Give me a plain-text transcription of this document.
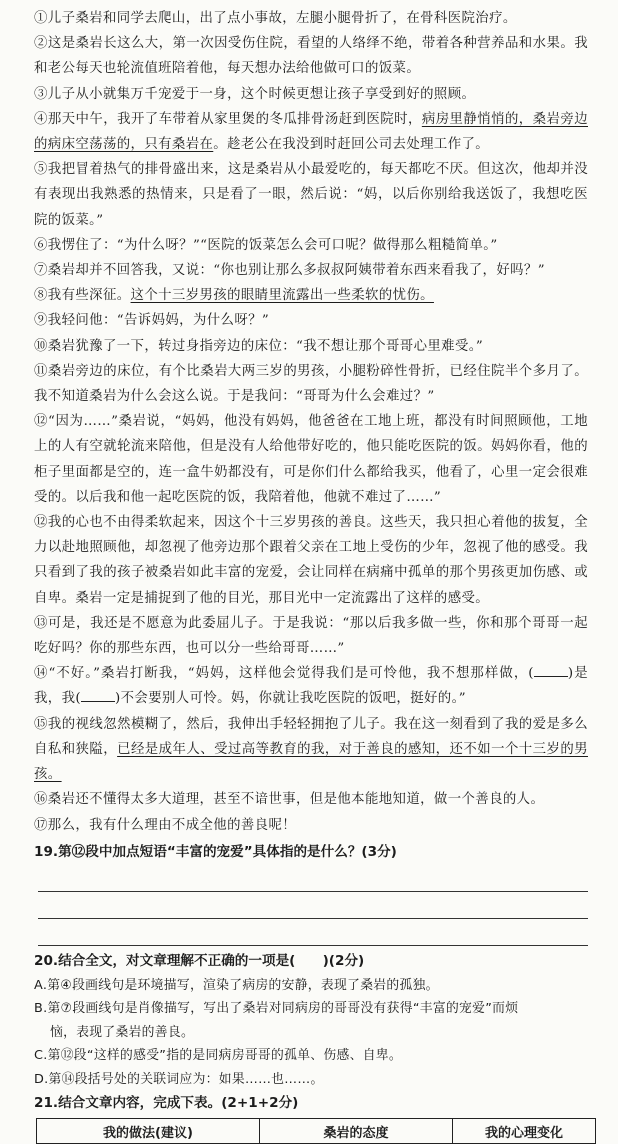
①儿子桑岩和同学去爬山，出了点小事故，左腿小腿骨折了，在骨科医院治疗。

②这是桑岩长这么大，第一次因受伤住院，看望的人络绎不绝，带着各种营养品和水果。我和老公每天也轮流值班陪着他，每天想办法给他做可口的饭菜。

③儿子从小就集万千宠爱于一身，这个时候更想让孩子享受到好的照顾。

④那天中午，我开了车带着从家里煲的冬瓜排骨汤赶到医院时，病房里静悄悄的，桑岩旁边的病床空荡荡的，只有桑岩在。趁老公在我没到时赶回公司去处理工作了。

⑤我把冒着热气的排骨盛出来，这是桑岩从小最爱吃的，每天都吃不厌。但这次，他却并没有表现出我熟悉的热情来，只是看了一眼，然后说：“妈，以后你别给我送饭了，我想吃医院的饭菜。”

⑥我愣住了：“为什么呀？”“医院的饭菜怎么会可口呢？做得那么粗糙简单。”

⑦桑岩却并不回答我，又说：“你也别让那么多叔叔阿姨带着东西来看我了，好吗？”

⑧我有些深征。这个十三岁男孩的眼睛里流露出一些柔软的忧伤。

⑨我轻问他：“告诉妈妈，为什么呀？”

⑩桑岩犹豫了一下，转过身指旁边的床位：“我不想让那个哥哥心里难受。”

⑪桑岩旁边的床位，有个比桑岩大两三岁的男孩，小腿粉碎性骨折，已经住院半个多月了。我不知道桑岩为什么会这么说。于是我问：“哥哥为什么会难过？”

⑫“因为……”桑岩说，“妈妈，他没有妈妈，他爸爸在工地上班，都没有时间照顾他，工地上的人有空就轮流来陪他，但是没有人给他带好吃的，他只能吃医院的饭。妈妈你看，他的柜子里面都是空的，连一盒牛奶都没有，可是你们什么都给我买，他看了，心里一定会很难受的。以后我和他一起吃医院的饭，我陪着他，他就不难过了……”

⑫我的心也不由得柔软起来，因这个十三岁男孩的善良。这些天，我只担心着他的拔复，全力以赴地照顾他，却忽视了他旁边那个跟着父亲在工地上受伤的少年，忽视了他的感受。我只看到了我的孩子被桑岩如此丰富的宠爱，会让同样在病痛中孤单的那个男孩更加伤感、或自卑。桑岩一定是捕捉到了他的目光，那目光中一定流露出了这样的感受。

⑬可是，我还是不愿意为此委屈儿子。于是我说：“那以后我多做一些，你和那个哥哥一起吃好吗？你的那些东西，也可以分一些给哥哥……”

⑭“不好。”桑岩打断我，“妈妈，这样他会觉得我们是可怜他，我不想那样做，(	)是我，我(	)不会要别人可怜。妈，你就让我吃医院的饭吧，挺好的。”

⑮我的视线忽然模糊了，然后，我伸出手轻轻拥抱了儿子。我在这一刻看到了我的爱是多么自私和狭隘，已经是成年人、受过高等教育的我，对于善良的感知，还不如一个十三岁的男孩。

⑯桑岩还不懂得太多大道理，甚至不谙世事，但是他本能地知道，做一个善良的人。

⑰那么，我有什么理由不成全他的善良呢！

19.第⑫段中加点短语“丰富的宠爱”具体指的是什么？(3分)

20.结合全文，对文章理解不正确的一项是(　　)(2分)

A.第④段画线句是环境描写，渲染了病房的安静，表现了桑岩的孤独。

B.第⑦段画线句是肖像描写，写出了桑岩对同病房的哥哥没有获得“丰富的宠爱”而烦

恼，表现了桑岩的善良。

C.第⑫段“这样的感受”指的是同病房哥哥的孤单、伤感、自卑。

D.第⑭段括号处的关联词应为：如果……也……。

21.结合文章内容，完成下表。(2+1+2分)

我的做法(建议)	桑岩的态度	我的心理变化
